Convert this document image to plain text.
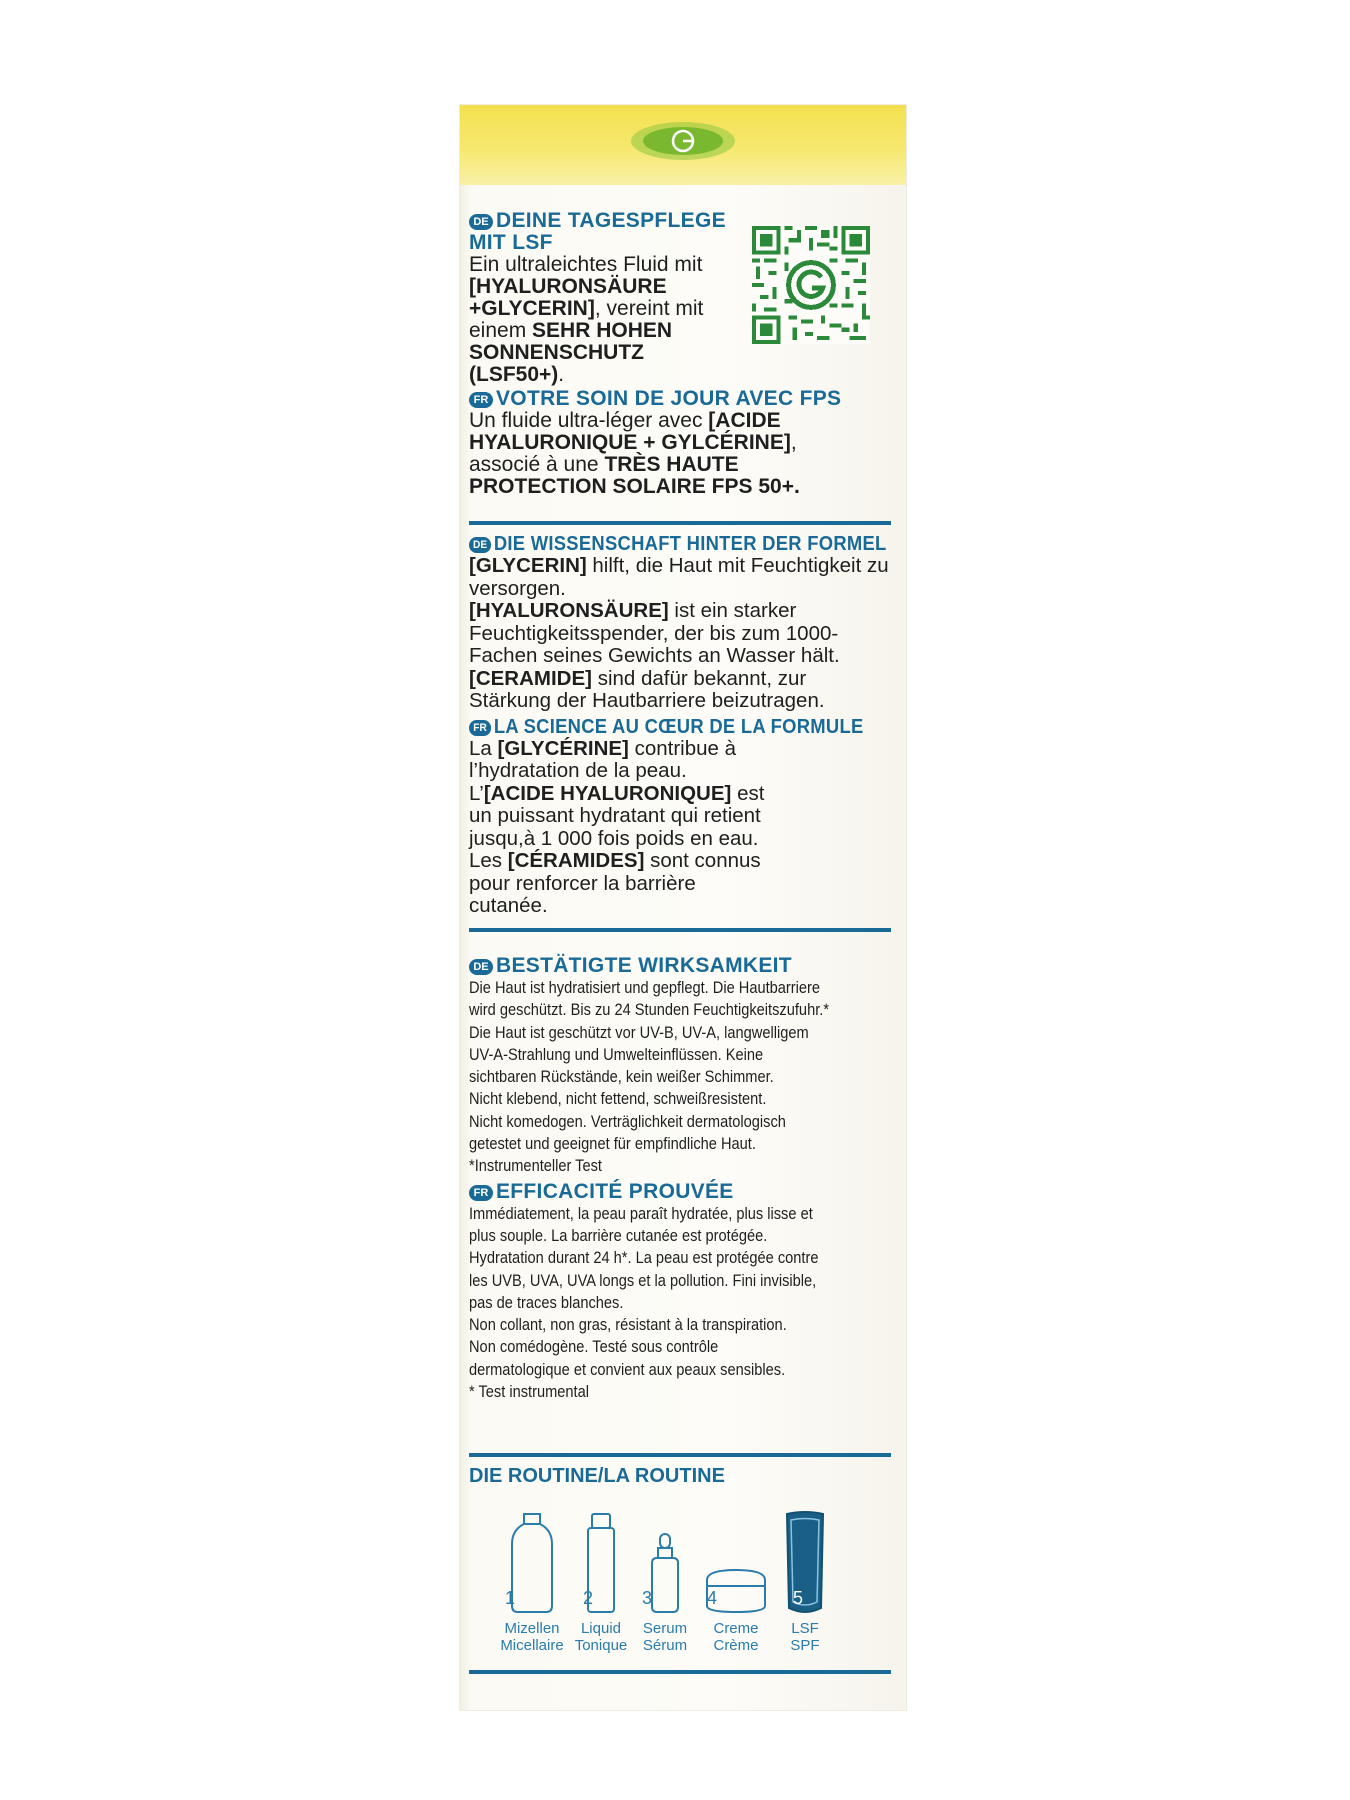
DE DEINE TAGESPFLEGE MIT LSF
Ein ultraleichtes Fluid mit [HYALURONSÄURE +GLYCERIN], vereint mit einem SEHR HOHEN SONNENSCHUTZ (LSF50+).
FR VOTRE SOIN DE JOUR AVEC FPS
Un fluide ultra-léger avec [ACIDE HYALURONIQUE + GYLCÉRINE], associé à une TRÈS HAUTE PROTECTION SOLAIRE FPS 50+.
DE DIE WISSENSCHAFT HINTER DER FORMEL
[GLYCERIN] hilft, die Haut mit Feuchtigkeit zu versorgen.
[HYALURONSÄURE] ist ein starker Feuchtigkeitsspender, der bis zum 1000-Fachen seines Gewichts an Wasser hält. [CERAMIDE] sind dafür bekannt, zur Stärkung der Hautbarriere beizutragen.
FR LA SCIENCE AU CŒUR DE LA FORMULE
La [GLYCÉRINE] contribue à l’hydratation de la peau.
L’[ACIDE HYALURONIQUE] est un puissant hydratant qui retient jusqu,à 1 000 fois poids en eau.
Les [CÉRAMIDES] sont connus pour renforcer la barrière cutanée.
DE BESTÄTIGTE WIRKSAMKEIT
Die Haut ist hydratisiert und gepflegt. Die Hautbarriere
wird geschützt. Bis zu 24 Stunden Feuchtigkeitszufuhr.*
Die Haut ist geschützt vor UV-B, UV-A, langwelligem
UV-A-Strahlung und Umwelteinflüssen. Keine
sichtbaren Rückstände, kein weißer Schimmer.
Nicht klebend, nicht fettend, schweißresistent.
Nicht komedogen. Verträglichkeit dermatologisch
getestet und geeignet für empfindliche Haut.
*Instrumenteller Test
FR EFFICACITÉ PROUVÉE
Immédiatement, la peau paraît hydratée, plus lisse et
plus souple. La barrière cutanée est protégée.
Hydratation durant 24 h*. La peau est protégée contre
les UVB, UVA, UVA longs et la pollution. Fini invisible,
pas de traces blanches.
Non collant, non gras, résistant à la transpiration.
Non comédogène. Testé sous contrôle
dermatologique et convient aux peaux sensibles.
* Test instrumental
DIE ROUTINE/LA ROUTINE
Mizellen
Micellaire
1
Liquid
Tonique
2
Serum
Sérum
3
Creme
Crème
4
LSF
SPF
5
